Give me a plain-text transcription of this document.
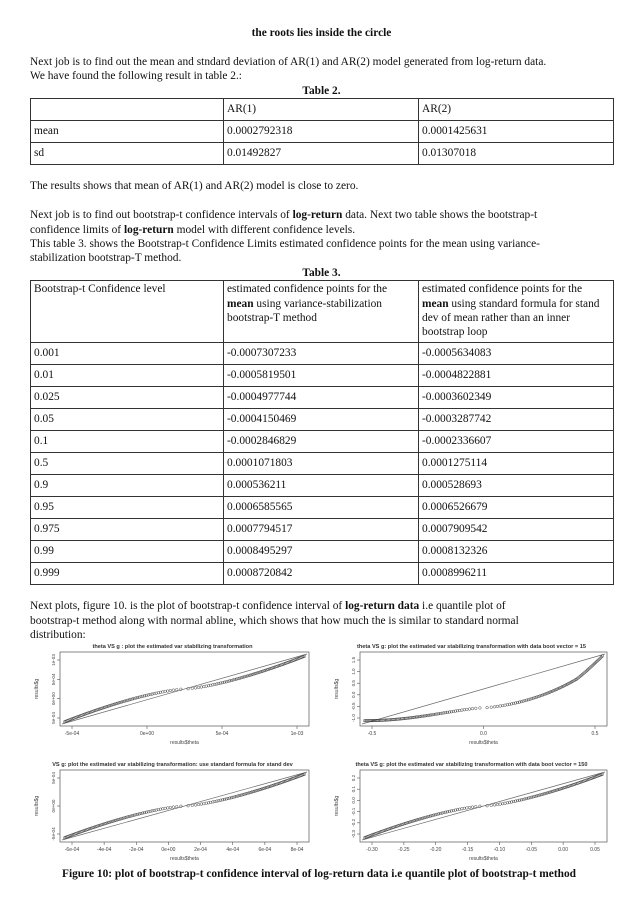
the roots lies inside the circle

Next job is to find out the mean and stndard deviation of AR(1) and AR(2) model generated from log-return data.

We have found the following result in table 2.:

Table 2.

	AR(1)	AR(2)
mean	0.0002792318	0.0001425631
sd	0.01492827	0.01307018

The results shows that mean of AR(1) and AR(2) model is close to zero.

Next job is to find out bootstrap-t confidence intervals of log-return data. Next two table shows the bootstrap-t

confidence limits of log-return model with different confidence levels.

This table 3. shows the Bootstrap-t Confidence Limits estimated confidence points for the mean using variance-

stabilization bootstrap-T method.

Table 3.

Bootstrap-t Confidence level	estimated confidence points for the mean using variance-stabilization bootstrap-T method	estimated confidence points for the mean using standard formula for stand dev of mean rather than an inner bootstrap loop
0.001	-0.0007307233	-0.0005634083
0.01	-0.0005819501	-0.0004822881
0.025	-0.0004977744	-0.0003602349
0.05	-0.0004150469	-0.0003287742
0.1	-0.0002846829	-0.0002336607
0.5	0.0001071803	0.0001275114
0.9	0.000536211	0.000528693
0.95	0.0006585565	0.0006526679
0.975	0.0007794517	0.0007909542
0.99	0.0008495297	0.0008132326
0.999	0.0008720842	0.0008996211

Next plots, figure 10. is the plot of bootstrap-t confidence interval of log-return data i.e quantile plot of

bootstrap-t method along with normal abline, which shows that how much the is similar to standard normal

distribution:

theta VS g : plot the estimated var stabilizing transformation
-5e-04	0e+00	5e-04	1e-03
5e-04
0e+00
5e-04
1e-03
results$theta
results$g
theta VS g: plot the estimated var stabilizing transformation with data boot vector = 15
-0.5	0.0	0.5
-1.0
-0.5
0.0
0.5
1.0
1.5
results$theta
results$g
VS g: plot the estimated var stabilizing transformation: use standard formula for stand dev
-6e-04	-4e-04	-2e-04	0e+00	2e-04	4e-04	6e-04	8e-04
-5e-04
0e+00
5e-04
results$theta
results$g
theta VS g: plot the estimated var stabilizing transformation with data boot vector = 150
-0.30	-0.25	-0.20	-0.15	-0.10	-0.05	0.00	0.05
-0.3
-0.2
-0.1
0.0
0.1
0.2
results$theta
results$g
Figure 10: plot of bootstrap-t confidence interval of log-return data i.e quantile plot of bootstrap-t method
